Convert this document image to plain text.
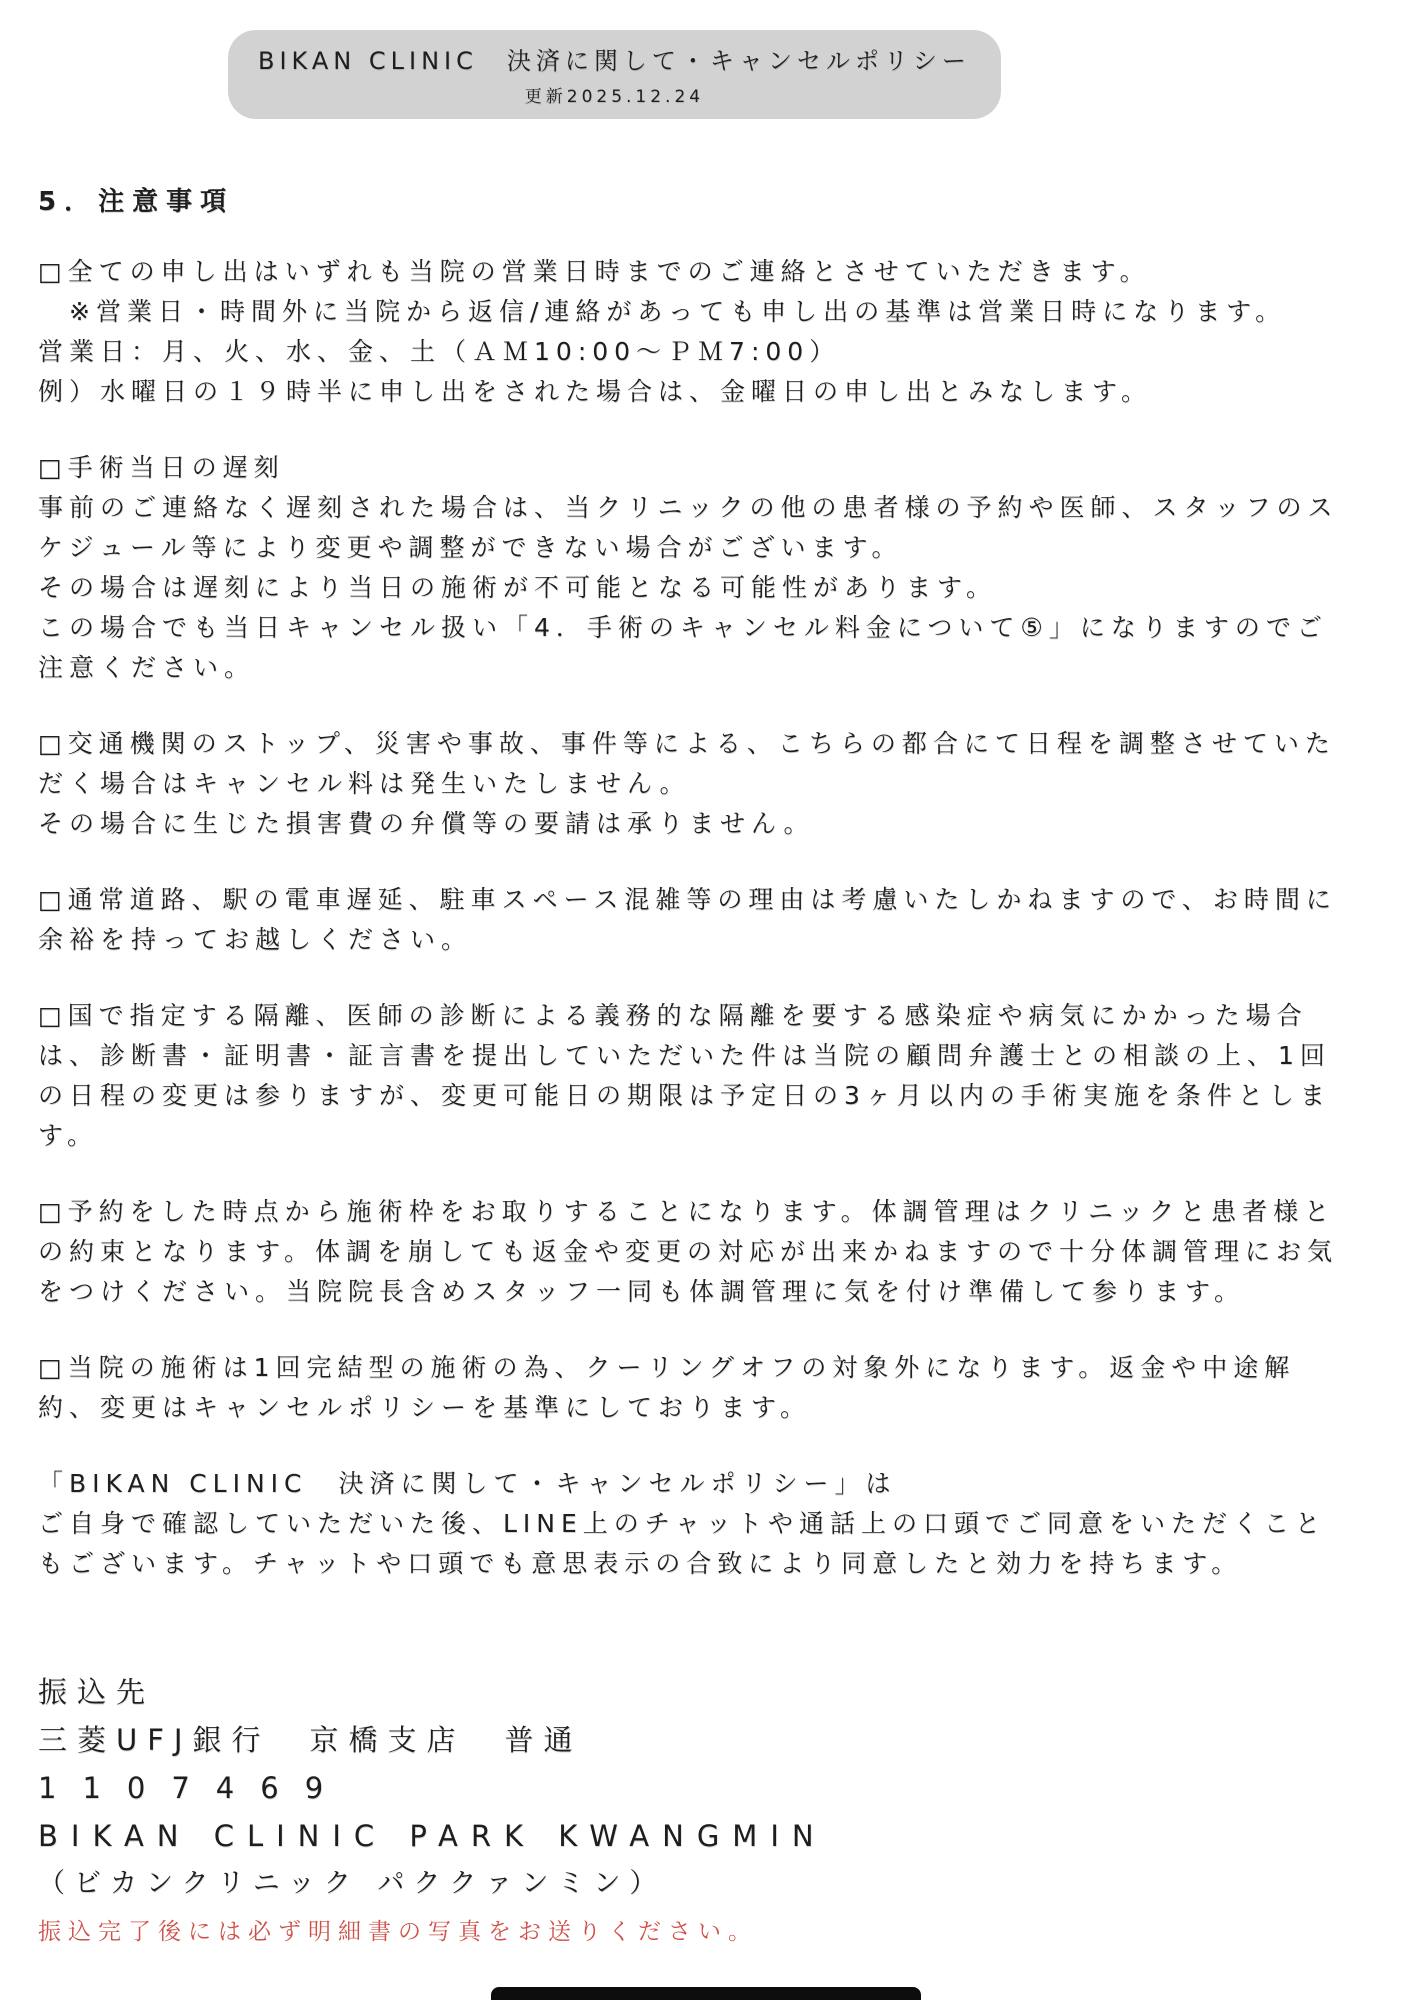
BIKAN CLINIC　決済に関して・キャンセルポリシー
更新2025.12.24
5．注意事項
□全ての申し出はいずれも当院の営業日時までのご連絡とさせていただきます。
　※営業日・時間外に当院から返信/連絡があっても申し出の基準は営業日時になります。
営業日：月、火、水、金、土（ＡＭ10:00～ＰＭ7:00）
例）水曜日の１９時半に申し出をされた場合は、金曜日の申し出とみなします。
□手術当日の遅刻
事前のご連絡なく遅刻された場合は、当クリニックの他の患者様の予約や医師、スタッフのス
ケジュール等により変更や調整ができない場合がございます。
その場合は遅刻により当日の施術が不可能となる可能性があります。
この場合でも当日キャンセル扱い「4．手術のキャンセル料金について⑤」になりますのでご
注意ください。
□交通機関のストップ、災害や事故、事件等による、こちらの都合にて日程を調整させていた
だく場合はキャンセル料は発生いたしません。
その場合に生じた損害費の弁償等の要請は承りません。
□通常道路、駅の電車遅延、駐車スペース混雑等の理由は考慮いたしかねますので、お時間に
余裕を持ってお越しください。
□国で指定する隔離、医師の診断による義務的な隔離を要する感染症や病気にかかった場合
は、診断書・証明書・証言書を提出していただいた件は当院の顧問弁護士との相談の上、1回
の日程の変更は参りますが、変更可能日の期限は予定日の3ヶ月以内の手術実施を条件としま
す。
□予約をした時点から施術枠をお取りすることになります。体調管理はクリニックと患者様と
の約束となります。体調を崩しても返金や変更の対応が出来かねますので十分体調管理にお気
をつけください。当院院長含めスタッフ一同も体調管理に気を付け準備して参ります。
□当院の施術は1回完結型の施術の為、クーリングオフの対象外になります。返金や中途解
約、変更はキャンセルポリシーを基準にしております。
「BIKAN CLINIC　決済に関して・キャンセルポリシー」は
ご自身で確認していただいた後、LINE上のチャットや通話上の口頭でご同意をいただくこと
もございます。チャットや口頭でも意思表示の合致により同意したと効力を持ちます。
振込先
三菱UFJ銀行　京橋支店　普通
1107469
BIKAN CLINIC PARK KWANGMIN
（ビカンクリニック パククァンミン）
振込完了後には必ず明細書の写真をお送りください。
